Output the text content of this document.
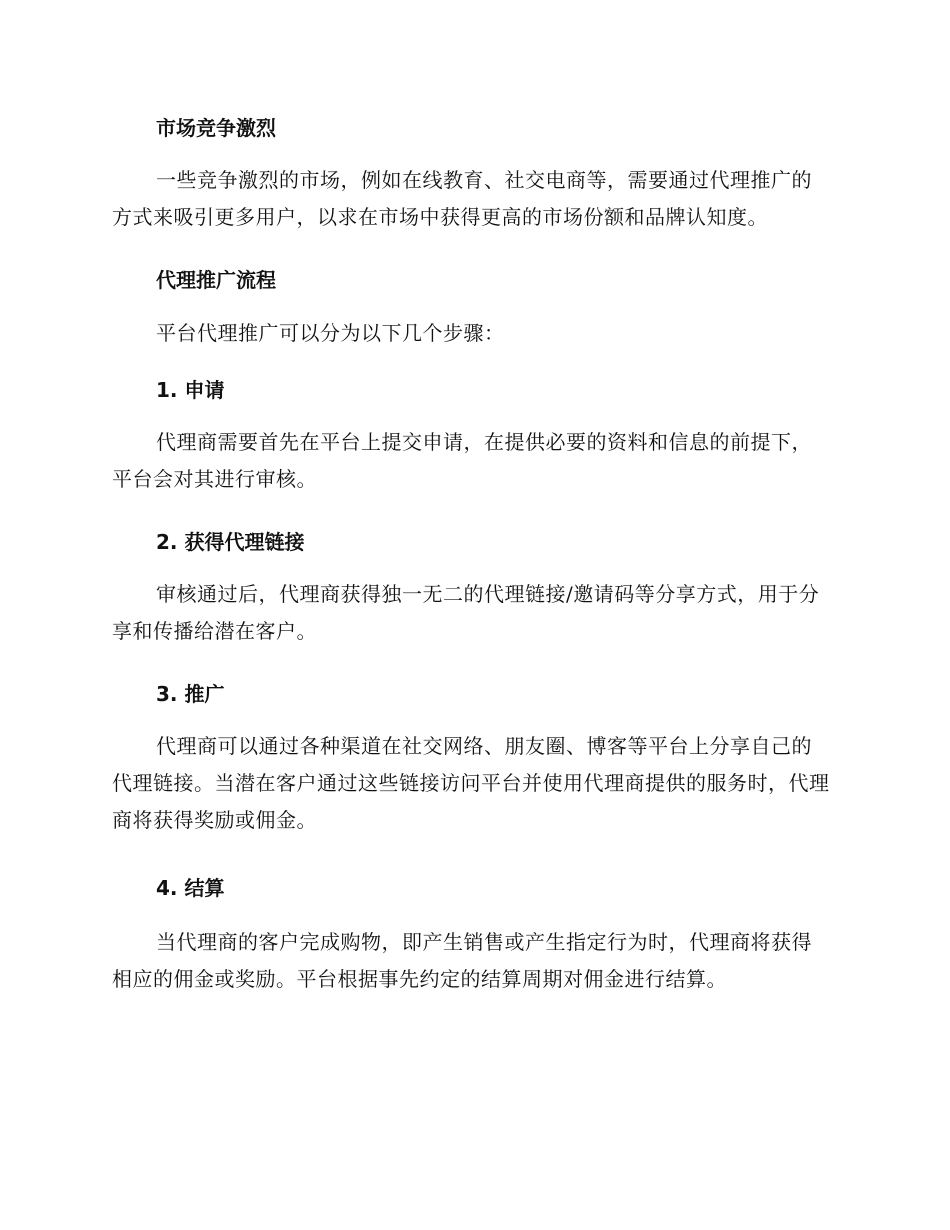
市场竞争激烈
一些竞争激烈的市场，例如在线教育、社交电商等，需要通过代理推广的方式来吸引更多用户，以求在市场中获得更高的市场份额和品牌认知度。
代理推广流程
平台代理推广可以分为以下几个步骤：
1. 申请
代理商需要首先在平台上提交申请，在提供必要的资料和信息的前提下，平台会对其进行审核。
2. 获得代理链接
审核通过后，代理商获得独一无二的代理链接/邀请码等分享方式，用于分享和传播给潜在客户。
3. 推广
代理商可以通过各种渠道在社交网络、朋友圈、博客等平台上分享自己的代理链接。当潜在客户通过这些链接访问平台并使用代理商提供的服务时，代理商将获得奖励或佣金。
4. 结算
当代理商的客户完成购物，即产生销售或产生指定行为时，代理商将获得相应的佣金或奖励。平台根据事先约定的结算周期对佣金进行结算。
